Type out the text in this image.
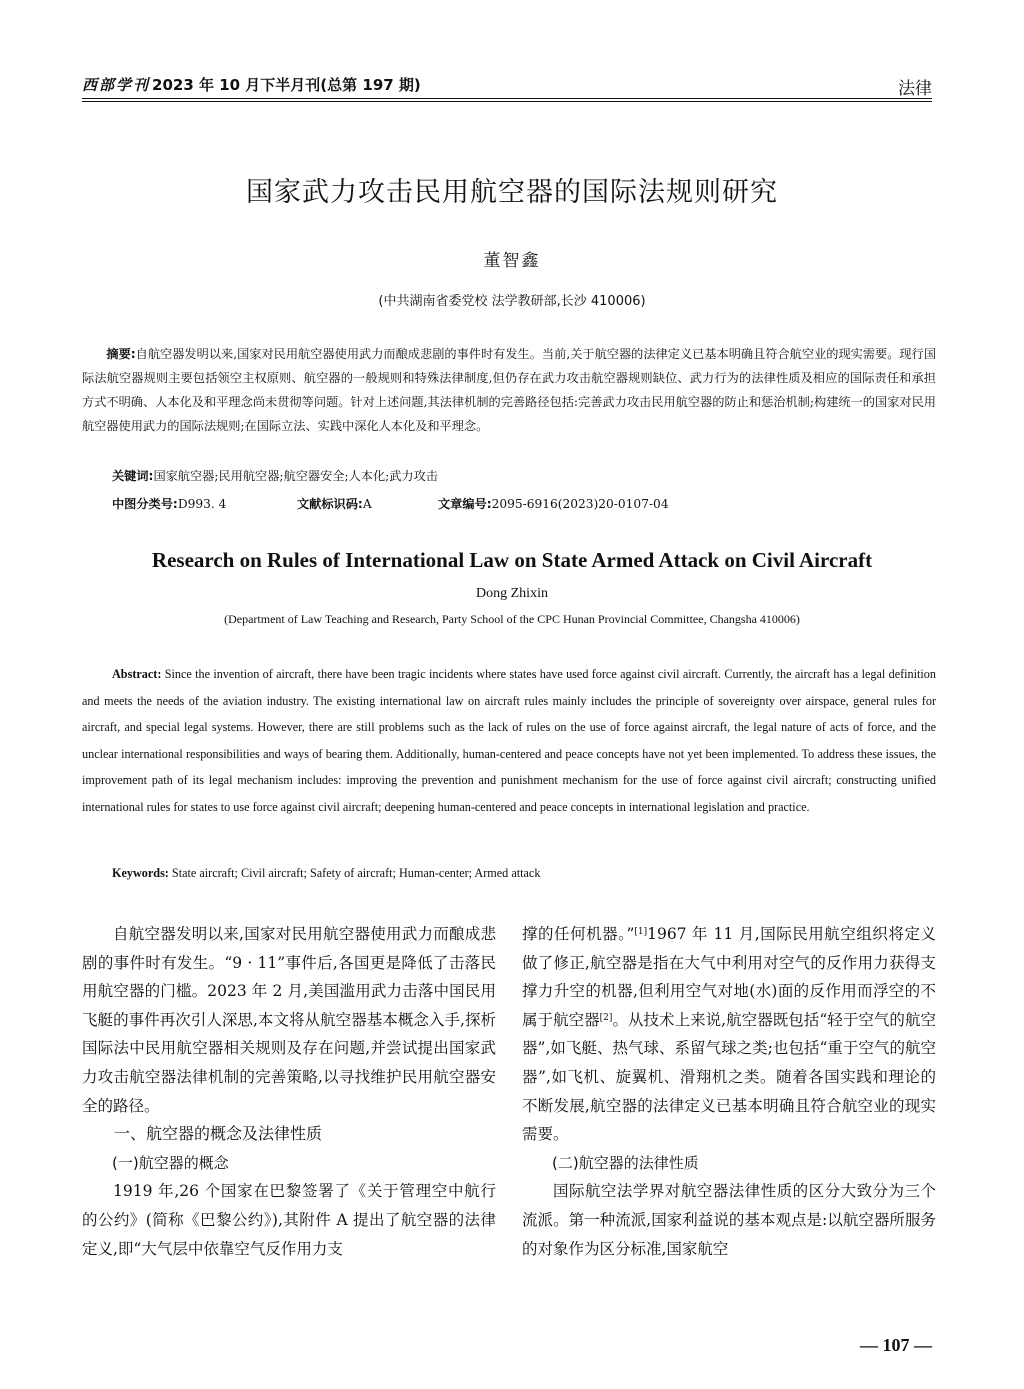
西部学刊 2023 年 10 月下半月刊(总第 197 期)	法律
国家武力攻击民用航空器的国际法规则研究
董智鑫
(中共湖南省委党校 法学教研部,长沙 410006)
摘要:自航空器发明以来,国家对民用航空器使用武力而酿成悲剧的事件时有发生。当前,关于航空器的法律定义已基本明确且符合航空业的现实需要。现行国际法航空器规则主要包括领空主权原则、航空器的一般规则和特殊法律制度,但仍存在武力攻击航空器规则缺位、武力行为的法律性质及相应的国际责任和承担方式不明确、人本化及和平理念尚未贯彻等问题。针对上述问题,其法律机制的完善路径包括:完善武力攻击民用航空器的防止和惩治机制;构建统一的国家对民用航空器使用武力的国际法规则;在国际立法、实践中深化人本化及和平理念。
关键词:国家航空器;民用航空器;航空器安全;人本化;武力攻击
中图分类号:D993. 4	文献标识码:A	文章编号:2095-6916(2023)20-0107-04
Research on Rules of International Law on State Armed Attack on Civil Aircraft
Dong Zhixin
(Department of Law Teaching and Research, Party School of the CPC Hunan Provincial Committee, Changsha 410006)
Abstract: Since the invention of aircraft, there have been tragic incidents where states have used force against civil aircraft. Currently, the aircraft has a legal definition and meets the needs of the aviation industry. The existing international law on aircraft rules mainly includes the principle of sovereignty over airspace, general rules for aircraft, and special legal systems. However, there are still problems such as the lack of rules on the use of force against aircraft, the legal nature of acts of force, and the unclear international responsibilities and ways of bearing them. Additionally, human-centered and peace concepts have not yet been implemented. To address these issues, the improvement path of its legal mechanism includes: improving the prevention and punishment mechanism for the use of force against civil aircraft; constructing unified international rules for states to use force against civil aircraft; deepening human-centered and peace concepts in international legislation and practice.
Keywords: State aircraft; Civil aircraft; Safety of aircraft; Human-center; Armed attack

自航空器发明以来,国家对民用航空器使用武力而酿成悲剧的事件时有发生。“9 · 11”事件后,各国更是降低了击落民用航空器的门槛。2023 年 2 月,美国滥用武力击落中国民用飞艇的事件再次引人深思,本文将从航空器基本概念入手,探析国际法中民用航空器相关规则及存在问题,并尝试提出国家武力攻击航空器法律机制的完善策略,以寻找维护民用航空器安全的路径。

一、航空器的概念及法律性质
(一)航空器的概念

1919 年,26 个国家在巴黎签署了《关于管理空中航行的公约》(简称《巴黎公约》),其附件 A 提出了航空器的法律定义,即“大气层中依靠空气反作用力支

撑的任何机器。”[1]1967 年 11 月,国际民用航空组织将定义做了修正,航空器是指在大气中利用对空气的反作用力获得支撑力升空的机器,但利用空气对地(水)面的反作用而浮空的不属于航空器[2]。从技术上来说,航空器既包括“轻于空气的航空器”,如飞艇、热气球、系留气球之类;也包括“重于空气的航空器”,如飞机、旋翼机、滑翔机之类。随着各国实践和理论的不断发展,航空器的法律定义已基本明确且符合航空业的现实需要。

(二)航空器的法律性质

国际航空法学界对航空器法律性质的区分大致分为三个流派。第一种流派,国家利益说的基本观点是:以航空器所服务的对象作为区分标准,国家航空

— 107 —
